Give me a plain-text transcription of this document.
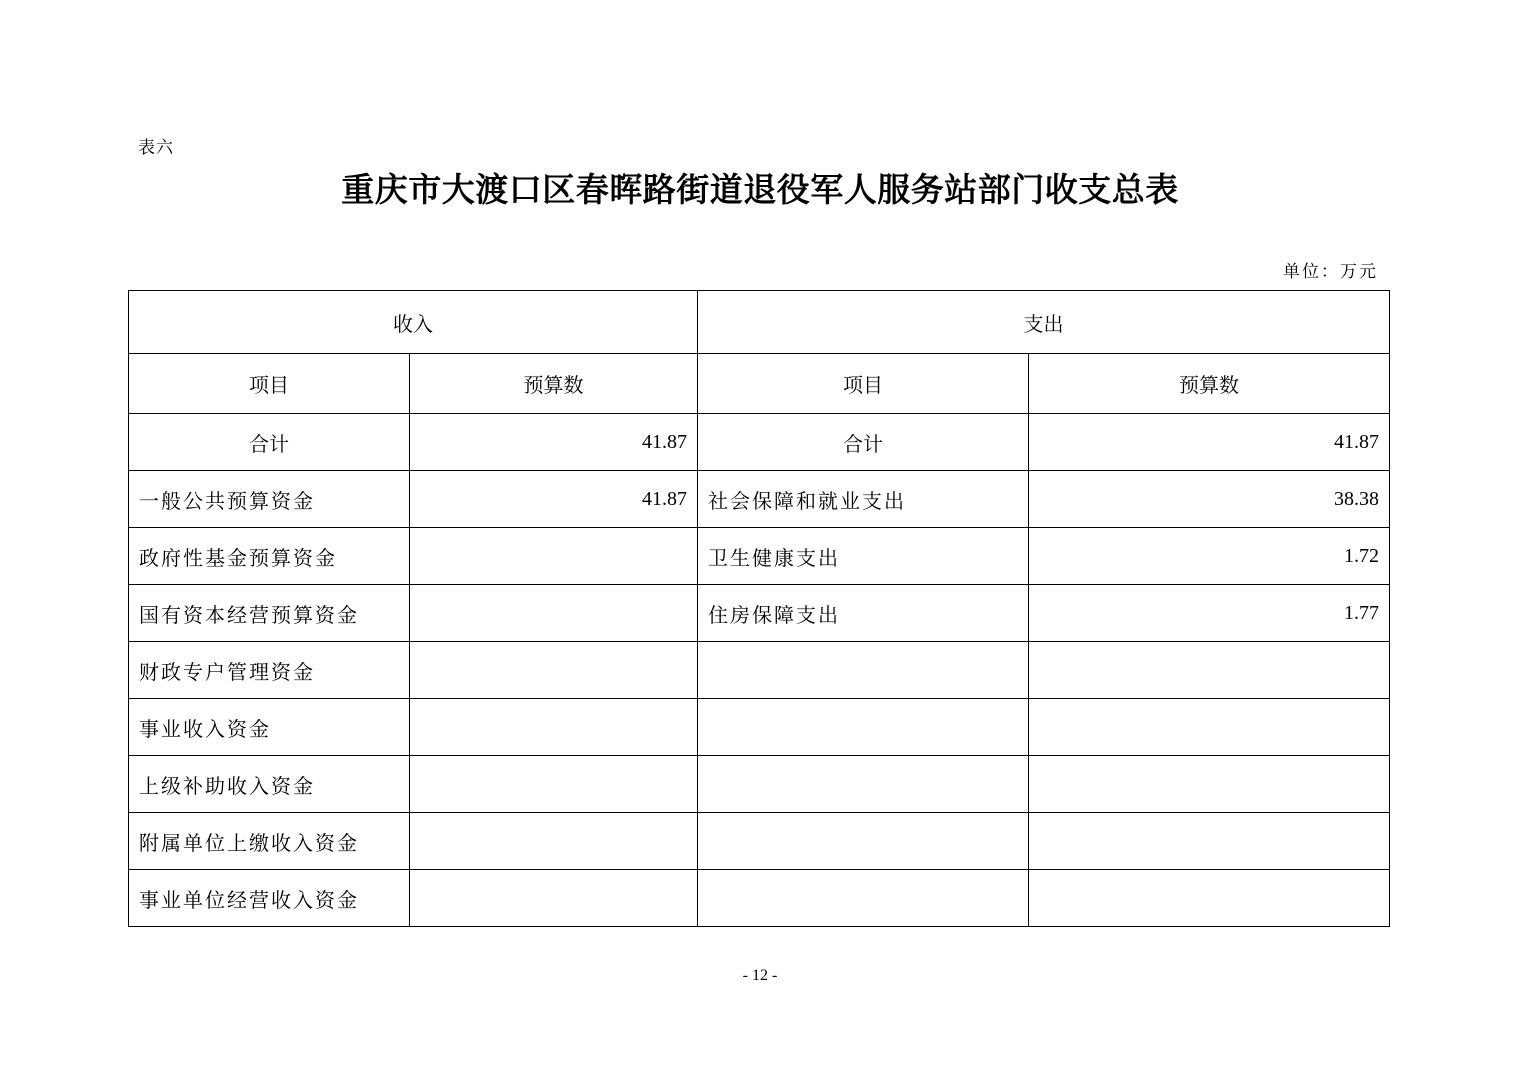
表六
重庆市大渡口区春晖路街道退役军人服务站部门收支总表
单位：万元
收入		支出	
项目	预算数	项目	预算数
合计	41.87	合计	41.87
一般公共预算资金	41.87	社会保障和就业支出	38.38
政府性基金预算资金		卫生健康支出	1.72
国有资本经营预算资金		住房保障支出	1.77
财政专户管理资金			
事业收入资金			
上级补助收入资金			
附属单位上缴收入资金			
事业单位经营收入资金			
- 12 -
